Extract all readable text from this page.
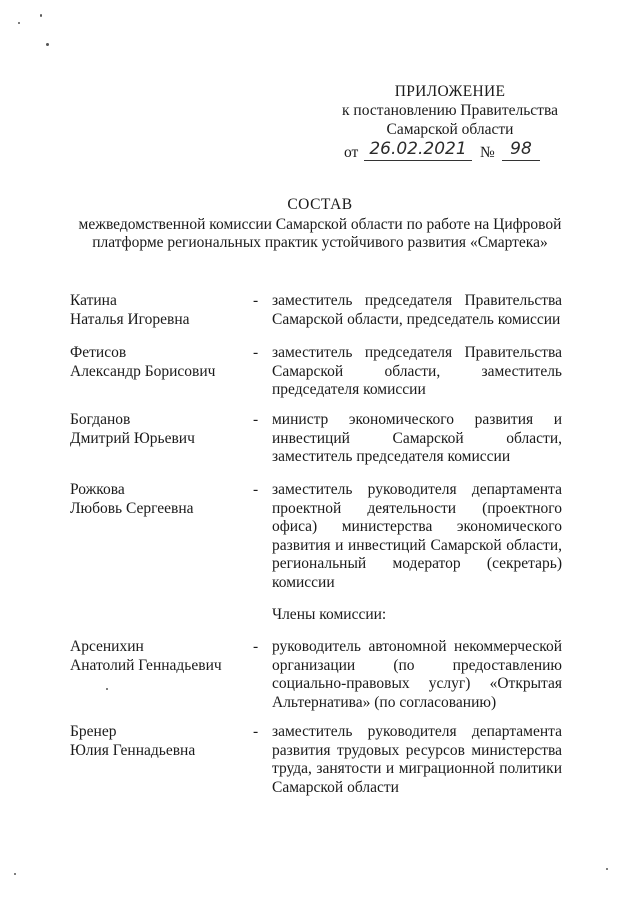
ПРИЛОЖЕНИЕ
к постановлению Правительства
Самарской области
от 26.02.2021 № 98
СОСТАВ
межведомственной комиссии Самарской области по работе на Цифровой
платформе региональных практик устойчивого развития «Смартека»
Катина
Наталья Игоревна
- заместитель председателя Правительства Самарской области, председатель комиссии
Фетисов
Александр Борисович
- заместитель председателя Правительства Самарской области, заместитель председателя комиссии
Богданов
Дмитрий Юрьевич
- министр экономического развития и инвестиций Самарской области, заместитель председателя комиссии
Рожкова
Любовь Сергеевна
- заместитель руководителя департамента проектной деятельности (проектного офиса) министерства экономического развития и инвестиций Самарской области, региональный модератор (секретарь) комиссии
Члены комиссии:
Арсенихин
Анатолий Геннадьевич
- руководитель автономной некоммерческой организации (по предоставлению социально-правовых услуг) «Открытая Альтернатива» (по согласованию)
Бренер
Юлия Геннадьевна
- заместитель руководителя департамента развития трудовых ресурсов министерства труда, занятости и миграционной политики Самарской области
